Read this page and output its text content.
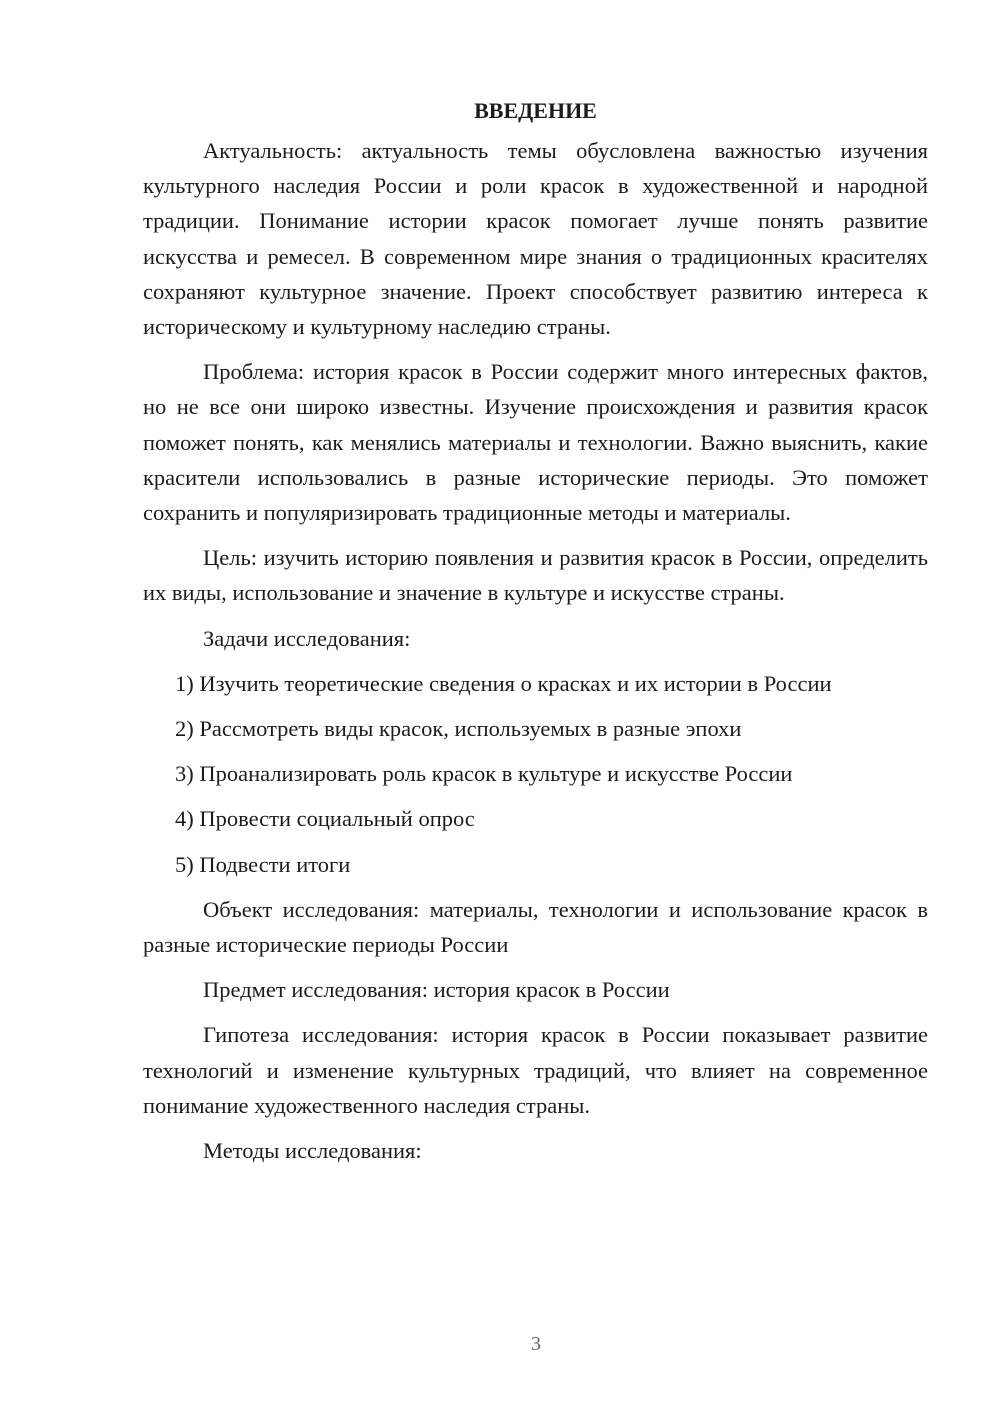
ВВЕДЕНИЕ

Актуальность: актуальность темы обусловлена важностью изучения культурного наследия России и роли красок в художественной и народной традиции. Понимание истории красок помогает лучше понять развитие искусства и ремесел. В современном мире знания о традиционных красителях сохраняют культурное значение. Проект способствует развитию интереса к историческому и культурному наследию страны.

Проблема: история красок в России содержит много интересных фактов, но не все они широко известны. Изучение происхождения и развития красок поможет понять, как менялись материалы и технологии. Важно выяснить, какие красители использовались в разные исторические периоды. Это поможет сохранить и популяризировать традиционные методы и материалы.

Цель: изучить историю появления и развития красок в России, определить их виды, использование и значение в культуре и искусстве страны.

Задачи исследования:

1) Изучить теоретические сведения о красках и их истории в России
2) Рассмотреть виды красок, используемых в разные эпохи
3) Проанализировать роль красок в культуре и искусстве России
4) Провести социальный опрос
5) Подвести итоги

Объект исследования: материалы, технологии и использование красок в разные исторические периоды России

Предмет исследования: история красок в России

Гипотеза исследования: история красок в России показывает развитие технологий и изменение культурных традиций, что влияет на современное понимание художественного наследия страны.

Методы исследования:

3
